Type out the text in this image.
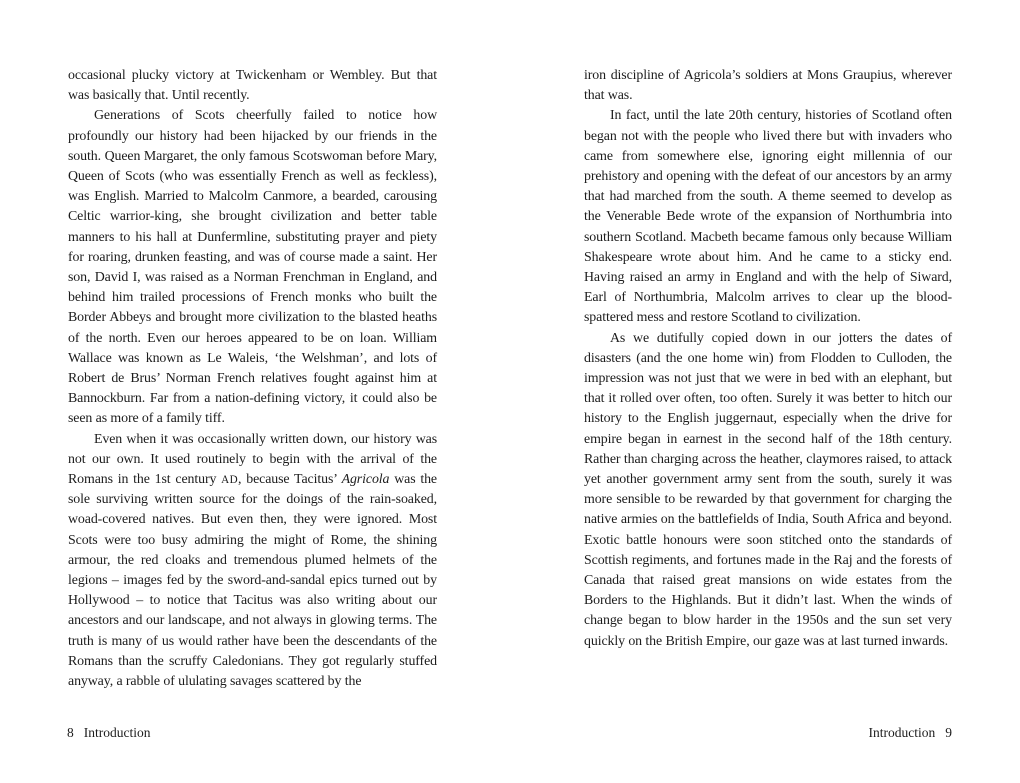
occasional plucky victory at Twickenham or Wembley. But that was basically that. Until recently.

Generations of Scots cheerfully failed to notice how profoundly our history had been hijacked by our friends in the south. Queen Margaret, the only famous Scotswoman before Mary, Queen of Scots (who was essentially French as well as feckless), was English. Married to Malcolm Canmore, a bearded, carousing Celtic warrior-king, she brought civilization and better table manners to his hall at Dunfermline, substituting prayer and piety for roaring, drunken feasting, and was of course made a saint. Her son, David I, was raised as a Norman Frenchman in England, and behind him trailed processions of French monks who built the Border Abbeys and brought more civilization to the blasted heaths of the north. Even our heroes appeared to be on loan. William Wallace was known as Le Waleis, ‘the Welshman’, and lots of Robert de Brus’ Norman French relatives fought against him at Bannockburn. Far from a nation-defining victory, it could also be seen as more of a family tiff.

Even when it was occasionally written down, our history was not our own. It used routinely to begin with the arrival of the Romans in the 1st century AD, because Tacitus’ Agricola was the sole surviving written source for the doings of the rain-soaked, woad-covered natives. But even then, they were ignored. Most Scots were too busy admiring the might of Rome, the shining armour, the red cloaks and tremendous plumed helmets of the legions – images fed by the sword-and-sandal epics turned out by Hollywood – to notice that Tacitus was also writing about our ancestors and our landscape, and not always in glowing terms. The truth is many of us would rather have been the descendants of the Romans than the scruffy Caledonians. They got regularly stuffed anyway, a rabble of ululating savages scattered by the

iron discipline of Agricola’s soldiers at Mons Graupius, wherever that was.

In fact, until the late 20th century, histories of Scotland often began not with the people who lived there but with invaders who came from somewhere else, ignoring eight millennia of our prehistory and opening with the defeat of our ancestors by an army that had marched from the south. A theme seemed to develop as the Venerable Bede wrote of the expansion of Northumbria into southern Scotland. Macbeth became famous only because William Shakespeare wrote about him. And he came to a sticky end. Having raised an army in England and with the help of Siward, Earl of Northumbria, Malcolm arrives to clear up the blood-spattered mess and restore Scotland to civilization.

As we dutifully copied down in our jotters the dates of disasters (and the one home win) from Flodden to Culloden, the impression was not just that we were in bed with an elephant, but that it rolled over often, too often. Surely it was better to hitch our history to the English juggernaut, especially when the drive for empire began in earnest in the second half of the 18th century. Rather than charging across the heather, claymores raised, to attack yet another government army sent from the south, surely it was more sensible to be rewarded by that government for charging the native armies on the battlefields of India, South Africa and beyond. Exotic battle honours were soon stitched onto the standards of Scottish regiments, and fortunes made in the Raj and the forests of Canada that raised great mansions on wide estates from the Borders to the Highlands. But it didn’t last. When the winds of change began to blow harder in the 1950s and the sun set very quickly on the British Empire, our gaze was at last turned inwards.

8 Introduction	Introduction 9
